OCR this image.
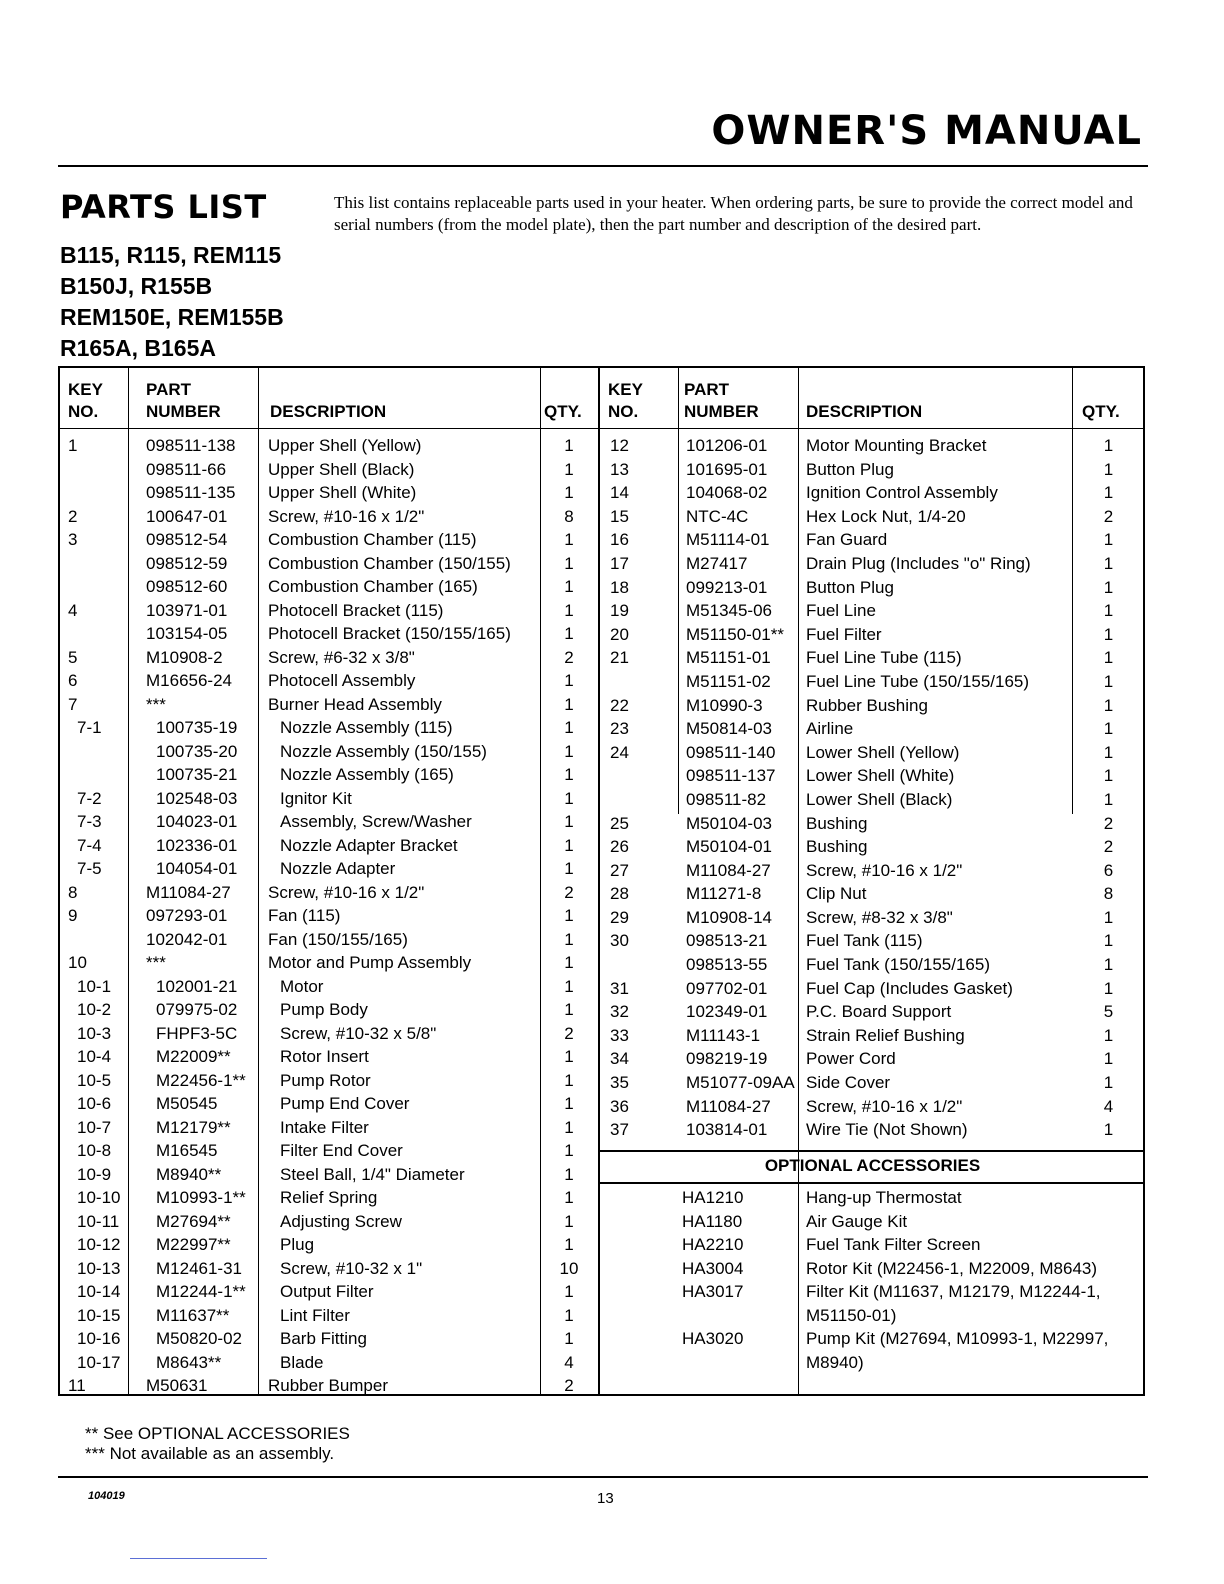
OWNER'S MANUAL
PARTS LIST
B115, R115, REM115
B150J, R155B
REM150E, REM155B
R165A, B165A

This list contains replaceable parts used in your heater. When ordering parts, be sure to provide the correct model and serial numbers (from the model plate), then the part number and description of the desired part.

KEY
NO.
PART
NUMBER	DESCRIPTION	QTY.
KEY
NO.
PART
NUMBER	DESCRIPTION	QTY.
1	098511-138	Upper Shell (Yellow)	1
	098511-66	Upper Shell (Black)	1
	098511-135	Upper Shell (White)	1
2	100647-01	Screw, #10-16 x 1/2"	8
3	098512-54	Combustion Chamber (115)	1
	098512-59	Combustion Chamber (150/155)	1
	098512-60	Combustion Chamber (165)	1
4	103971-01	Photocell Bracket (115)	1
	103154-05	Photocell Bracket (150/155/165)	1
5	M10908-2	Screw, #6-32 x 3/8"	2
6	M16656-24	Photocell Assembly	1
7	***	Burner Head Assembly	1
7-1	100735-19	Nozzle Assembly (115)	1
	100735-20	Nozzle Assembly (150/155)	1
	100735-21	Nozzle Assembly (165)	1
7-2	102548-03	Ignitor Kit	1
7-3	104023-01	Assembly, Screw/Washer	1
7-4	102336-01	Nozzle Adapter Bracket	1
7-5	104054-01	Nozzle Adapter	1
8	M11084-27	Screw, #10-16 x 1/2"	2
9	097293-01	Fan (115)	1
	102042-01	Fan (150/155/165)	1
10	***	Motor and Pump Assembly	1
10-1	102001-21	Motor	1
10-2	079975-02	Pump Body	1
10-3	FHPF3-5C	Screw, #10-32 x 5/8"	2
10-4	M22009**	Rotor Insert	1
10-5	M22456-1**	Pump Rotor	1
10-6	M50545	Pump End Cover	1
10-7	M12179**	Intake Filter	1
10-8	M16545	Filter End Cover	1
10-9	M8940**	Steel Ball, 1/4" Diameter	1
10-10	M10993-1**	Relief Spring	1
10-11	M27694**	Adjusting Screw	1
10-12	M22997**	Plug	1
10-13	M12461-31	Screw, #10-32 x 1"	10
10-14	M12244-1**	Output Filter	1
10-15	M11637**	Lint Filter	1
10-16	M50820-02	Barb Fitting	1
10-17	M8643**	Blade	4
11	M50631	Rubber Bumper	2
12	101206-01	Motor Mounting Bracket	1
13	101695-01	Button Plug	1
14	104068-02	Ignition Control Assembly	1
15	NTC-4C	Hex Lock Nut, 1/4-20	2
16	M51114-01	Fan Guard	1
17	M27417	Drain Plug (Includes "o" Ring)	1
18	099213-01	Button Plug	1
19	M51345-06	Fuel Line	1
20	M51150-01**	Fuel Filter	1
21	M51151-01	Fuel Line Tube (115)	1
	M51151-02	Fuel Line Tube (150/155/165)	1
22	M10990-3	Rubber Bushing	1
23	M50814-03	Airline	1
24	098511-140	Lower Shell (Yellow)	1
	098511-137	Lower Shell (White)	1
	098511-82	Lower Shell (Black)	1
25	M50104-03	Bushing	2
26	M50104-01	Bushing	2
27	M11084-27	Screw, #10-16 x 1/2"	6
28	M11271-8	Clip Nut	8
29	M10908-14	Screw, #8-32 x 3/8"	1
30	098513-21	Fuel Tank (115)	1
	098513-55	Fuel Tank (150/155/165)	1
31	097702-01	Fuel Cap (Includes Gasket)	1
32	102349-01	P.C. Board Support	5
33	M11143-1	Strain Relief Bushing	1
34	098219-19	Power Cord	1
35	M51077-09AA	Side Cover	1
36	M11084-27	Screw, #10-16 x 1/2"	4
37	103814-01	Wire Tie (Not Shown)	1
OPTIONAL ACCESSORIES
HA1210	Hang-up Thermostat
HA1180	Air Gauge Kit
HA2210	Fuel Tank Filter Screen
HA3004	Rotor Kit (M22456-1, M22009, M8643)
HA3017	Filter Kit (M11637, M12179, M12244-1, M51150-01)
HA3020	Pump Kit (M27694, M10993-1, M22997, M8940)
** See OPTIONAL ACCESSORIES
*** Not available as an assembly.
104019	13
